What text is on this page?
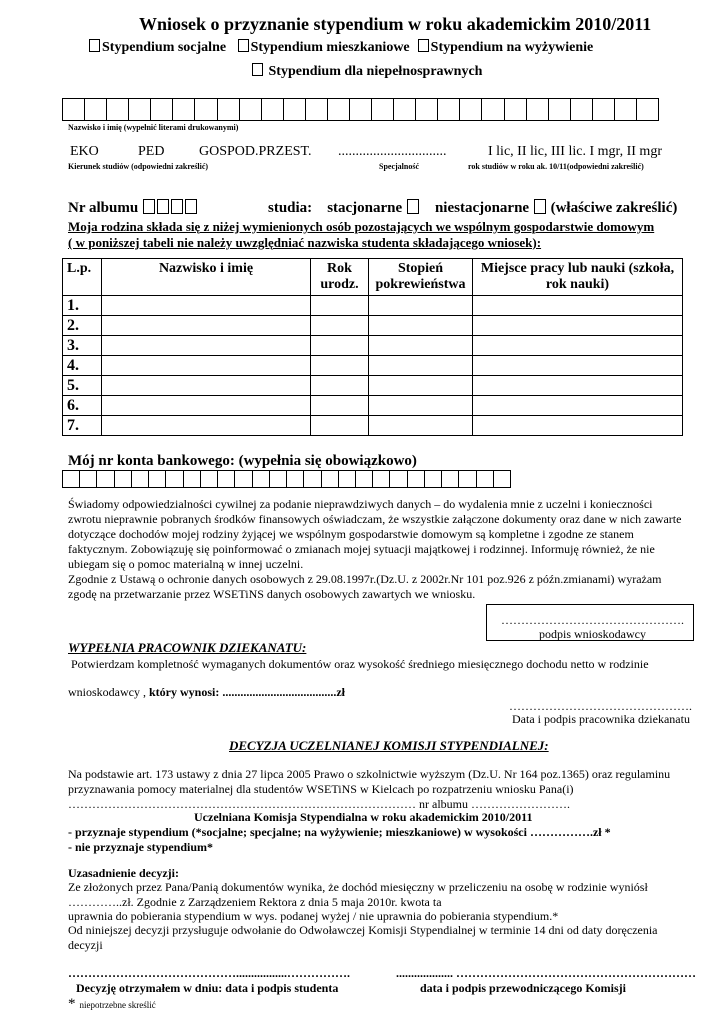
Wniosek o przyznanie stypendium w roku akademickim 2010/2011
Stypendium socjalne Stypendium mieszkaniowe Stypendium na wyżywienie
Stypendium dla niepełnosprawnych
Nazwisko i imię (wypełnić literami drukowanymi)
EKO	PED GOSPOD.PRZEST. ...............................	I lic, II lic, III lic. I mgr, II mgr
Kierunek studiów (odpowiedni zakreślić)	Specjalność	rok studiów w roku ak. 10/11(odpowiedni zakreślić)
Nr albumu	studia: stacjonarne niestacjonarne (właściwe zakreślić)
Moja rodzina składa się z niżej wymienionych osób pozostających we wspólnym gospodarstwie domowym
( w poniższej tabeli nie należy uwzględniać nazwiska studenta składającego wniosek):
L.p.	Nazwisko i imię	Rok urodz.	Stopień pokrewieństwa	Miejsce pracy lub nauki (szkoła, rok nauki)
1.				
2.				
3.				
4.				
5.				
6.				
7.				
Mój nr konta bankowego: (wypełnia się obowiązkowo)
Świadomy odpowiedzialności cywilnej za podanie nieprawdziwych danych – do wydalenia mnie z uczelni i konieczności
zwrotu nieprawnie pobranych środków finansowych oświadczam, że wszystkie załączone dokumenty oraz dane w nich zawarte
dotyczące dochodów mojej rodziny żyjącej we wspólnym gospodarstwie domowym są kompletne i zgodne ze stanem
faktycznym. Zobowiązuję się poinformować o zmianach mojej sytuacji majątkowej i rodzinnej. Informuję również, że nie
ubiegam się o pomoc materialną w innej uczelni.
Zgodnie z Ustawą o ochronie danych osobowych z 29.08.1997r.(Dz.U. z 2002r.Nr 101 poz.926 z późn.zmianami) wyrażam
zgodę na przetwarzanie przez WSETiNS danych osobowych zawartych we wniosku.
……………………………………….
podpis wnioskodawcy
WYPEŁNIA PRACOWNIK DZIEKANATU:
Potwierdzam kompletność wymaganych dokumentów oraz wysokość średniego miesięcznego dochodu netto w rodzinie
wnioskodawcy , który wynosi: ......................................zł
……………………………………….
Data i podpis pracownika dziekanatu
DECYZJA UCZELNIANEJ KOMISJI STYPENDIALNEJ:
Na podstawie art. 173 ustawy z dnia 27 lipca 2005 Prawo o szkolnictwie wyższym (Dz.U. Nr 164 poz.1365) oraz regulaminu
przyznawania pomocy materialnej dla studentów WSETiNS w Kielcach po rozpatrzeniu wniosku Pana(i)
…………………………………………………………………………… nr albumu …………………….
Uczelniana Komisja Stypendialna w roku akademickim 2010/2011
- przyznaje stypendium (*socjalne; specjalne; na wyżywienie; mieszkaniowe) w wysokości …………….zł *
- nie przyznaje stypendium*
Uzasadnienie decyzji:
Ze złożonych przez Pana/Panią dokumentów wynika, że dochód miesięczny w przeliczeniu na osobę w rodzinie wyniósł
…………..zł. Zgodnie z Zarządzeniem Rektora z dnia 5 maja 2010r. kwota ta
uprawnia do pobierania stypendium w wys. podanej wyżej / nie uprawnia do pobierania stypendium.*
Od niniejszej decyzji przysługuje odwołanie do Odwoławczej Komisji Stypendialnej w terminie 14 dni od daty doręczenia
decyzji
…………………………………….................…………….
Decyzję otrzymałem w dniu: data i podpis studenta
................... ……………………………………………………
data i podpis przewodniczącego Komisji
* niepotrzebne skreślić
